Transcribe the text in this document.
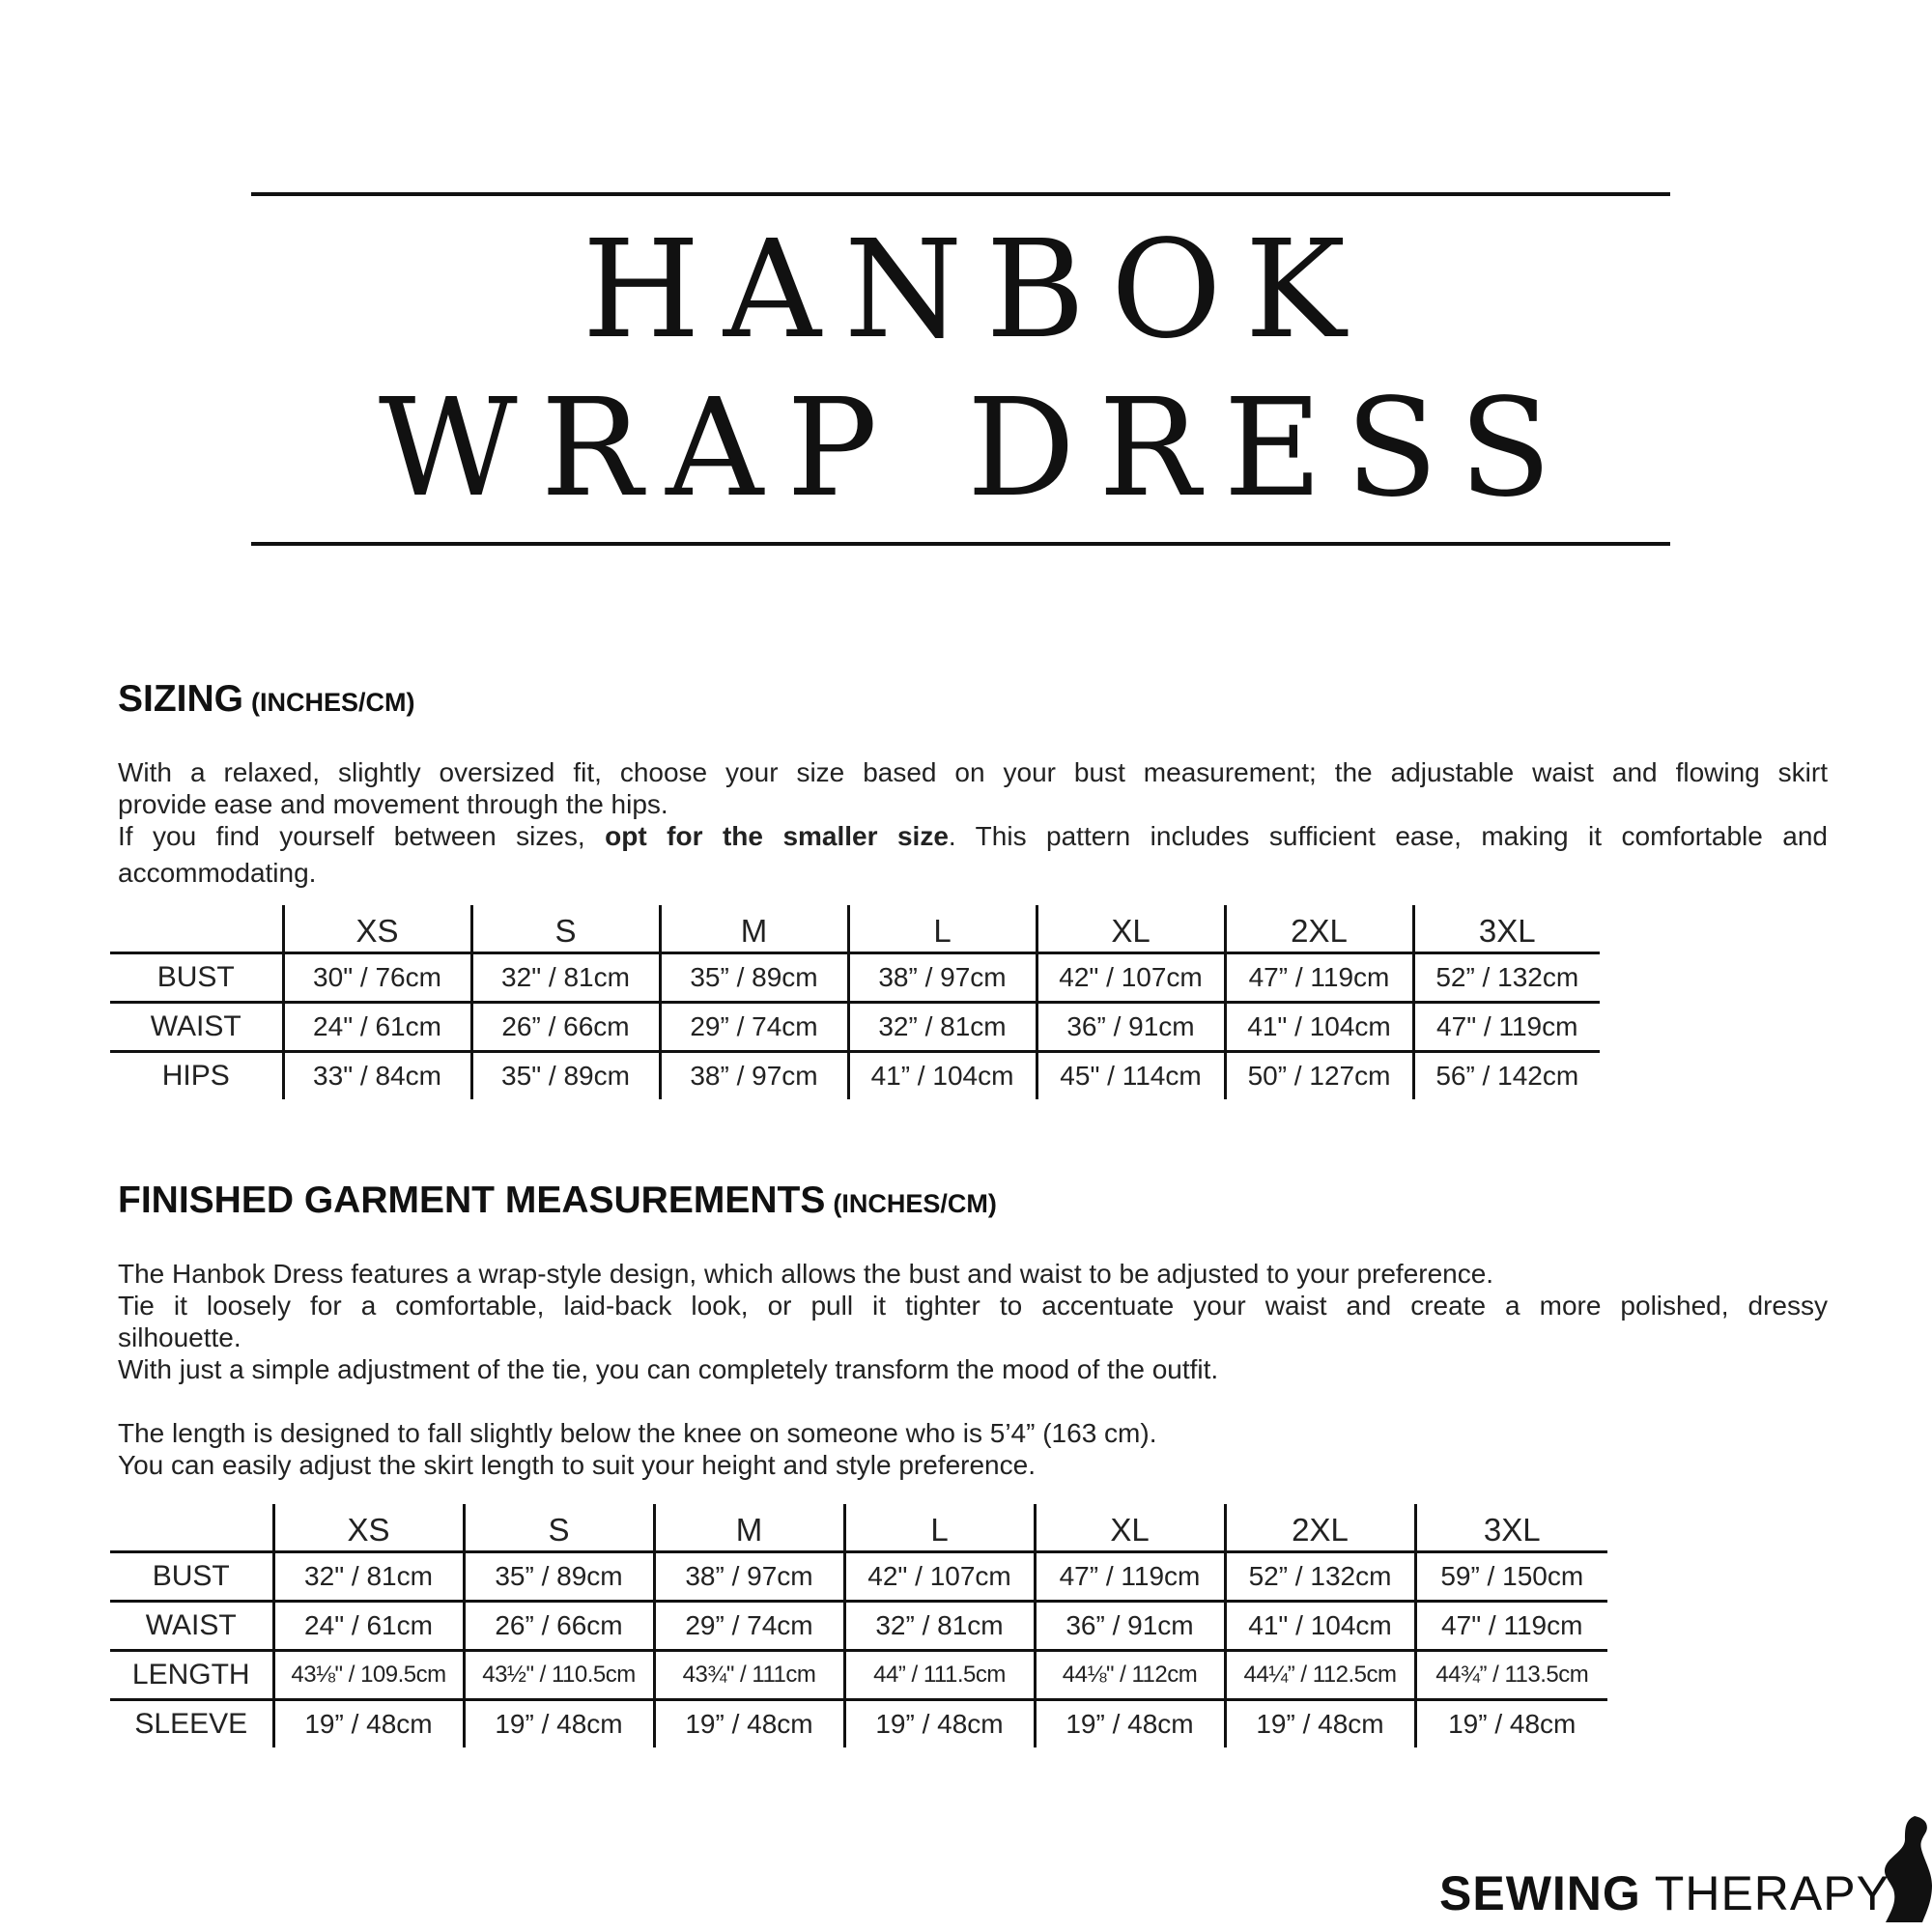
HANBOK
WRAP DRESS
SIZING (INCHES/CM)
With a relaxed, slightly oversized fit, choose your size based on your bust measurement; the adjustable waist and flowing skirt
provide ease and movement through the hips.
If you find yourself between sizes, opt for the smaller size. This pattern includes sufficient ease, making it comfortable and
accommodating.
	XS	S	M	L	XL	2XL	3XL
BUST	30" / 76cm	32" / 81cm	35” / 89cm	38” / 97cm	42" / 107cm	47” / 119cm	52” / 132cm
WAIST	24" / 61cm	26” / 66cm	29” / 74cm	32” / 81cm	36” / 91cm	41" / 104cm	47" / 119cm
HIPS	33" / 84cm	35" / 89cm	38” / 97cm	41” / 104cm	45" / 114cm	50” / 127cm	56” / 142cm
FINISHED GARMENT MEASUREMENTS (INCHES/CM)
The Hanbok Dress features a wrap-style design, which allows the bust and waist to be adjusted to your preference.
Tie it loosely for a comfortable, laid-back look, or pull it tighter to accentuate your waist and create a more polished, dressy
silhouette.
With just a simple adjustment of the tie, you can completely transform the mood of the outfit.
The length is designed to fall slightly below the knee on someone who is 5’4” (163 cm).
You can easily adjust the skirt length to suit your height and style preference.
	XS	S	M	L	XL	2XL	3XL
BUST	32" / 81cm	35” / 89cm	38” / 97cm	42" / 107cm	47” / 119cm	52” / 132cm	59” / 150cm
WAIST	24" / 61cm	26” / 66cm	29” / 74cm	32” / 81cm	36” / 91cm	41" / 104cm	47" / 119cm
LENGTH	43⅛" / 109.5cm	43½" / 110.5cm	43¾" / 111cm	44” / 111.5cm	44⅛" / 112cm	44¼” / 112.5cm	44¾” / 113.5cm
SLEEVE	19” / 48cm	19” / 48cm	19” / 48cm	19” / 48cm	19” / 48cm	19” / 48cm	19” / 48cm
SEWING THERAPY
